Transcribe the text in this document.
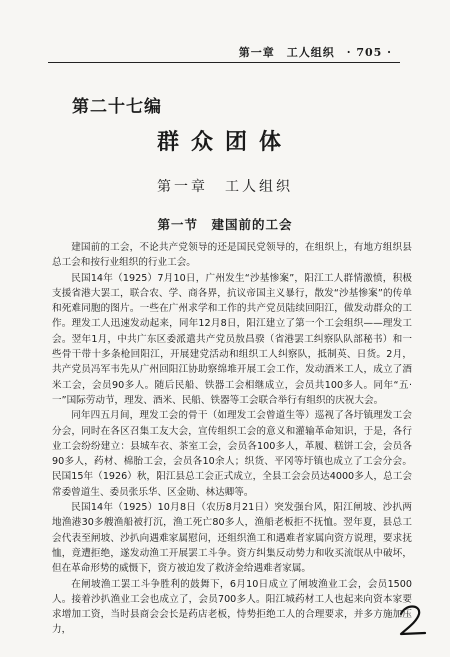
第一章　工人组织　· 705 ·
第二十七编
群众团体
第一章　工人组织
第一节　建国前的工会

建国前的工会，不论共产党领导的还是国民党领导的，在组织上，有地方组织县总工会和按行业组织的行业工会。

民国14年（1925）7月10日，广州发生“沙基惨案”，阳江工人群情激愤，积极支援省港大罢工，联合农、学、商各界，抗议帝国主义暴行，散发“沙基惨案”的传单和死难同胞的图片。一些在广州求学和工作的共产党员陆续回阳江，做发动群众的工作。理发工人迅速发动起来，同年12月8日，阳江建立了第一个工会组织——理发工会。翌年1月，中共广东区委派遣共产党员敖昌骙（省港罢工纠察队队部秘书）和一些骨干带十多条枪回阳江，开展建党活动和组织工人纠察队，抵制英、日货。2月，共产党员冯军韦先从广州回阳江协助察绵堆开展工会工作，发动酒米工人，成立了酒米工会，会员90多人。随后民船、铁器工会相继成立，会员共100多人。同年“五·一”国际劳动节，理发、酒米、民船、铁器等工会联合举行有组织的庆祝大会。

同年四五月间，理发工会的骨干（如理发工会曾道生等）巡视了各圩镇理发工会分会，同时在各区召集工友大会，宣传组织工会的意义和灌输革命知识，于是，各行业工会纷纷建立：县城车衣、茶室工会，会员各100多人，革履、糕饼工会，会员各90多人，药材、棉胎工会，会员各10余人；织货、平冈等圩镇也成立了工会分会。民国15年（1926）秋，阳江县总工会正式成立，全县工会会员达4000多人，总工会常委曾道生、委员张乐华、区金勋、林达卿等。

民国14年（1925）10月8日（农历8月21日）突发强台风，阳江闸坡、沙扒两地渔港30多艘渔船被打沉，渔工死亡80多人，渔船老板拒不抚恤。翌年夏，县总工会代表至闸坡、沙扒向遇难家属慰问，还组织渔工和遇难者家属向资方说理，要求抚恤，竟遭拒绝，遂发动渔工开展罢工斗争。资方纠集反动势力和收买流氓从中破坏，但在革命形势的威慑下，资方被迫发了救济金给遇难者家属。

在闸坡渔工罢工斗争胜利的鼓舞下，6月10日成立了闸坡渔业工会，会员1500人。接着沙扒渔业工会也成立了，会员700多人。阳江城药材工人也起来向资本家要求增加工资，当时县商会会长是药店老板，恃势拒绝工人的合理要求，并多方施加压力，
